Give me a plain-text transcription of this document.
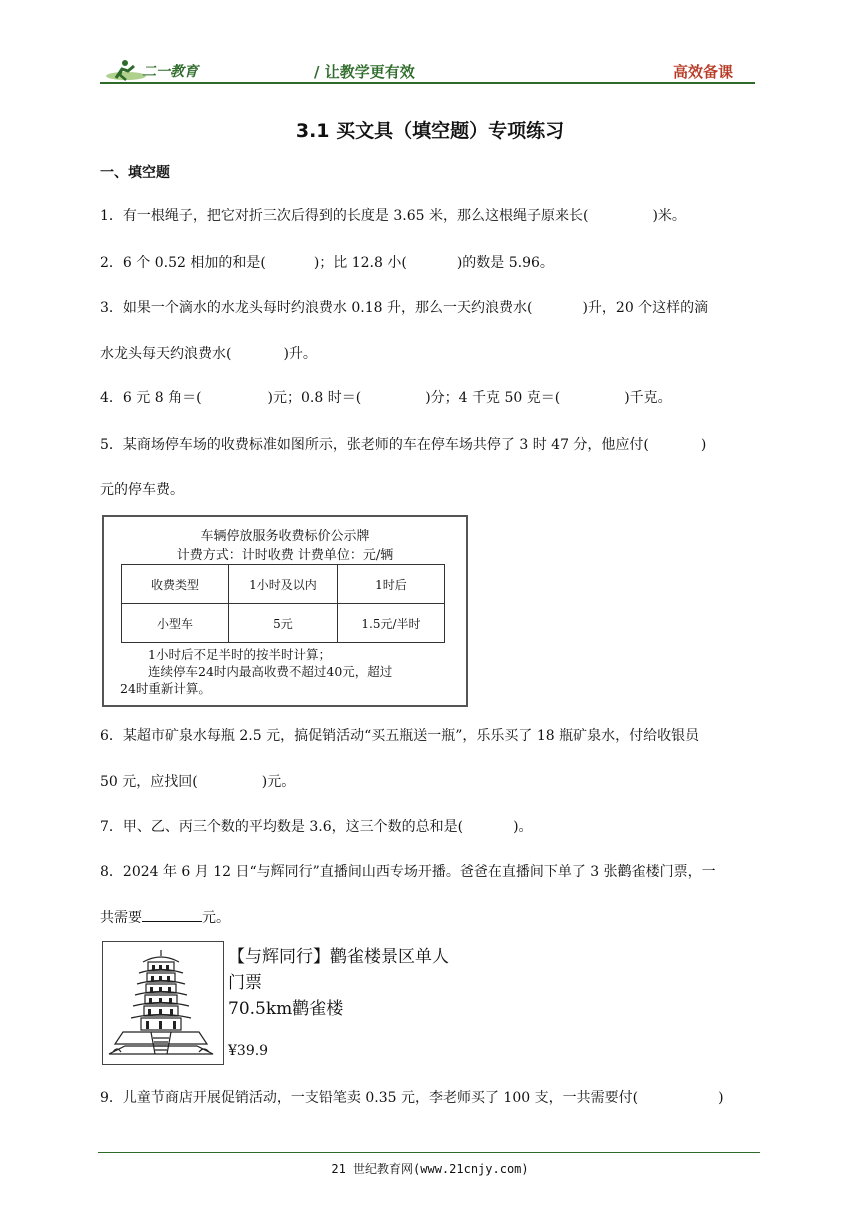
二一教育	/ 让教学更有效	高效备课
3.1 买文具（填空题）专项练习
一、填空题
1．有一根绳子，把它对折三次后得到的长度是 3.65 米，那么这根绳子原来长(	)米。
2．6 个 0.52 相加的和是(	)；比 12.8 小(	)的数是 5.96。
3．如果一个滴水的水龙头每时约浪费水 0.18 升，那么一天约浪费水(	)升，20 个这样的滴
水龙头每天约浪费水(	)升。
4．6 元 8 角＝(	)元；0.8 时＝(	)分；4 千克 50 克＝(	)千克。
5．某商场停车场的收费标准如图所示，张老师的车在停车场共停了 3 时 47 分，他应付(	)
元的停车费。
车辆停放服务收费标价公示牌
计费方式：计时收费 计费单位：元/辆
收费类型	1小时及以内	1时后
小型车	5元	1.5元/半时
1小时后不足半时的按半时计算；
连续停车24时内最高收费不超过40元，超过
24时重新计算。
6．某超市矿泉水每瓶 2.5 元，搞促销活动“买五瓶送一瓶”，乐乐买了 18 瓶矿泉水，付给收银员
50 元，应找回(	)元。
7．甲、乙、丙三个数的平均数是 3.6，这三个数的总和是(	)。
8．2024 年 6 月 12 日“与辉同行”直播间山西专场开播。爸爸在直播间下单了 3 张鹳雀楼门票，一
共需要	元。
【与辉同行】鹳雀楼景区单人
门票
70.5km鹳雀楼
¥39.9
9．儿童节商店开展促销活动，一支铅笔卖 0.35 元，李老师买了 100 支，一共需要付(	)
21 世纪教育网(www.21cnjy.com)
